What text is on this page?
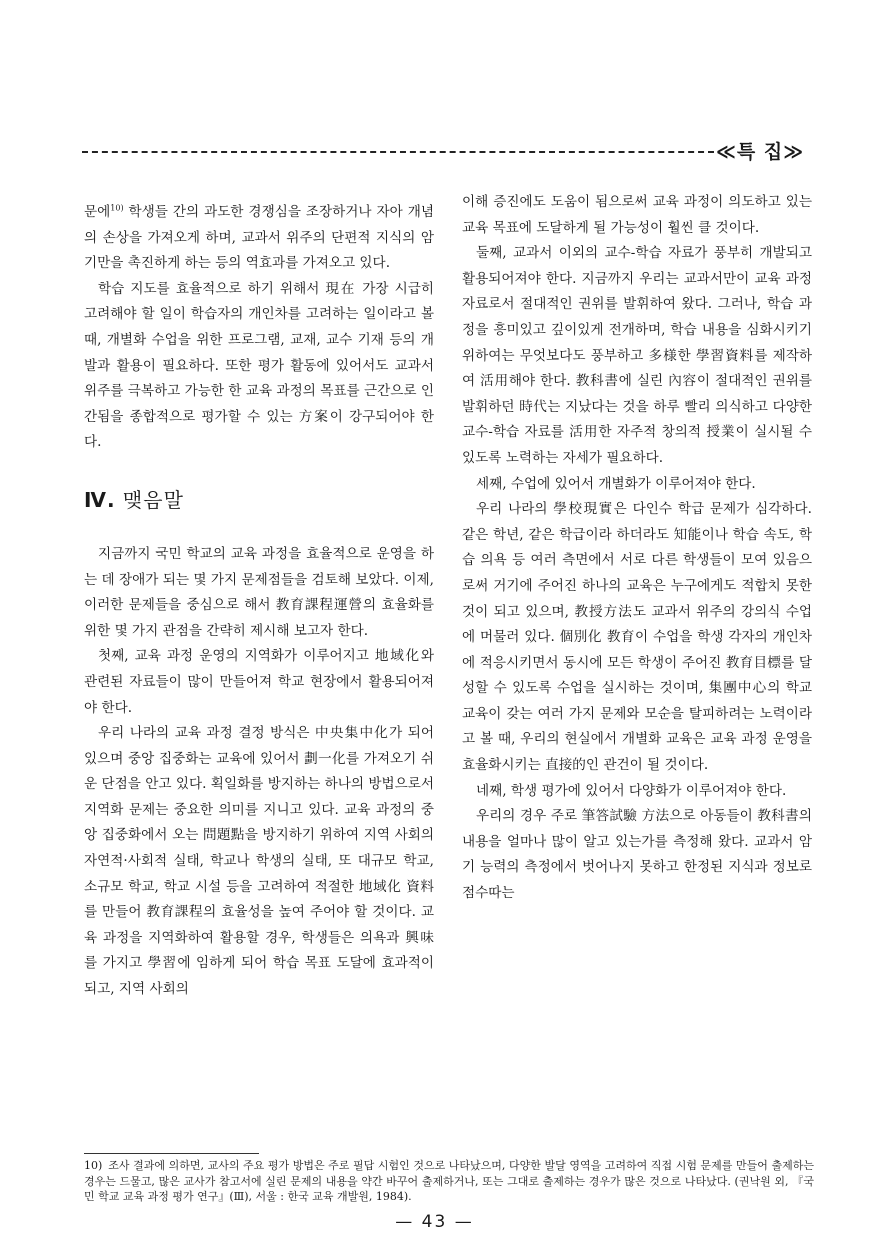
≪특 집≫

문에$^{10)}$ 학생들 간의 과도한 경쟁심을 조장하거나 자아 개념의 손상을 가져오게 하며, 교과서 위주의 단편적 지식의 암기만을 촉진하게 하는 등의 역효과를 가져오고 있다.

학습 지도를 효율적으로 하기 위해서 現在 가장 시급히 고려해야 할 일이 학습자의 개인차를 고려하는 일이라고 볼 때, 개별화 수업을 위한 프로그램, 교재, 교수 기재 등의 개발과 활용이 필요하다. 또한 평가 활동에 있어서도 교과서 위주를 극복하고 가능한 한 교육 과정의 목표를 근간으로 인간됨을 종합적으로 평가할 수 있는 方案이 강구되어야 한다.

Ⅳ. 맺음말

지금까지 국민 학교의 교육 과정을 효율적으로 운영을 하는 데 장애가 되는 몇 가지 문제점들을 검토해 보았다. 이제, 이러한 문제들을 중심으로 해서 教育課程運營의 효율화를 위한 몇 가지 관점을 간략히 제시해 보고자 한다.

첫째, 교육 과정 운영의 지역화가 이루어지고 地域化와 관련된 자료들이 많이 만들어져 학교 현장에서 활용되어져야 한다.

우리 나라의 교육 과정 결정 방식은 中央集中化가 되어 있으며 중앙 집중화는 교육에 있어서 劃一化를 가져오기 쉬운 단점을 안고 있다. 획일화를 방지하는 하나의 방법으로서 지역화 문제는 중요한 의미를 지니고 있다. 교육 과정의 중앙 집중화에서 오는 問題點을 방지하기 위하여 지역 사회의 자연적·사회적 실태, 학교나 학생의 실태, 또 대규모 학교, 소규모 학교, 학교 시설 등을 고려하여 적절한 地域化 資料를 만들어 教育課程의 효율성을 높여 주어야 할 것이다. 교육 과정을 지역화하여 활용할 경우, 학생들은 의욕과 興味를 가지고 學習에 임하게 되어 학습 목표 도달에 효과적이 되고, 지역 사회의

이해 증진에도 도움이 됨으로써 교육 과정이 의도하고 있는 교육 목표에 도달하게 될 가능성이 훨씬 클 것이다.

둘째, 교과서 이외의 교수-학습 자료가 풍부히 개발되고 활용되어져야 한다. 지금까지 우리는 교과서만이 교육 과정 자료로서 절대적인 권위를 발휘하여 왔다. 그러나, 학습 과정을 흥미있고 깊이있게 전개하며, 학습 내용을 심화시키기 위하여는 무엇보다도 풍부하고 多様한 學習資料를 제작하여 活用해야 한다. 教科書에 실린 內容이 절대적인 권위를 발휘하던 時代는 지났다는 것을 하루 빨리 의식하고 다양한 교수-학습 자료를 活用한 자주적 창의적 授業이 실시될 수 있도록 노력하는 자세가 필요하다.

세째, 수업에 있어서 개별화가 이루어져야 한다.

우리 나라의 學校現實은 다인수 학급 문제가 심각하다. 같은 학년, 같은 학급이라 하더라도 知能이나 학습 속도, 학습 의욕 등 여러 측면에서 서로 다른 학생들이 모여 있음으로써 거기에 주어진 하나의 교육은 누구에게도 적합치 못한 것이 되고 있으며, 教授方法도 교과서 위주의 강의식 수업에 머물러 있다. 個別化 教育이 수업을 학생 각자의 개인차에 적응시키면서 동시에 모든 학생이 주어진 教育目標를 달성할 수 있도록 수업을 실시하는 것이며, 集團中心의 학교 교육이 갖는 여러 가지 문제와 모순을 탈피하려는 노력이라고 볼 때, 우리의 현실에서 개별화 교육은 교육 과정 운영을 효율화시키는 直接的인 관건이 될 것이다.

네째, 학생 평가에 있어서 다양화가 이루어져야 한다.

우리의 경우 주로 筆答試驗 方法으로 아동들이 教科書의 내용을 얼마나 많이 알고 있는가를 측정해 왔다. 교과서 암기 능력의 측정에서 벗어나지 못하고 한정된 지식과 정보로 점수따는

10) 조사 결과에 의하면, 교사의 주요 평가 방법은 주로 필답 시험인 것으로 나타났으며, 다양한 발달 영역을 고려하여 직접 시험 문제를 만들어 출제하는 경우는 드물고, 많은 교사가 참고서에 실린 문제의 내용을 약간 바꾸어 출제하거나, 또는 그대로 출제하는 경우가 많은 것으로 나타났다. (권낙원 외, 『국민 학교 교육 과정 평가 연구』(Ⅲ), 서울 : 한국 교육 개발원, 1984).
— 43 —
